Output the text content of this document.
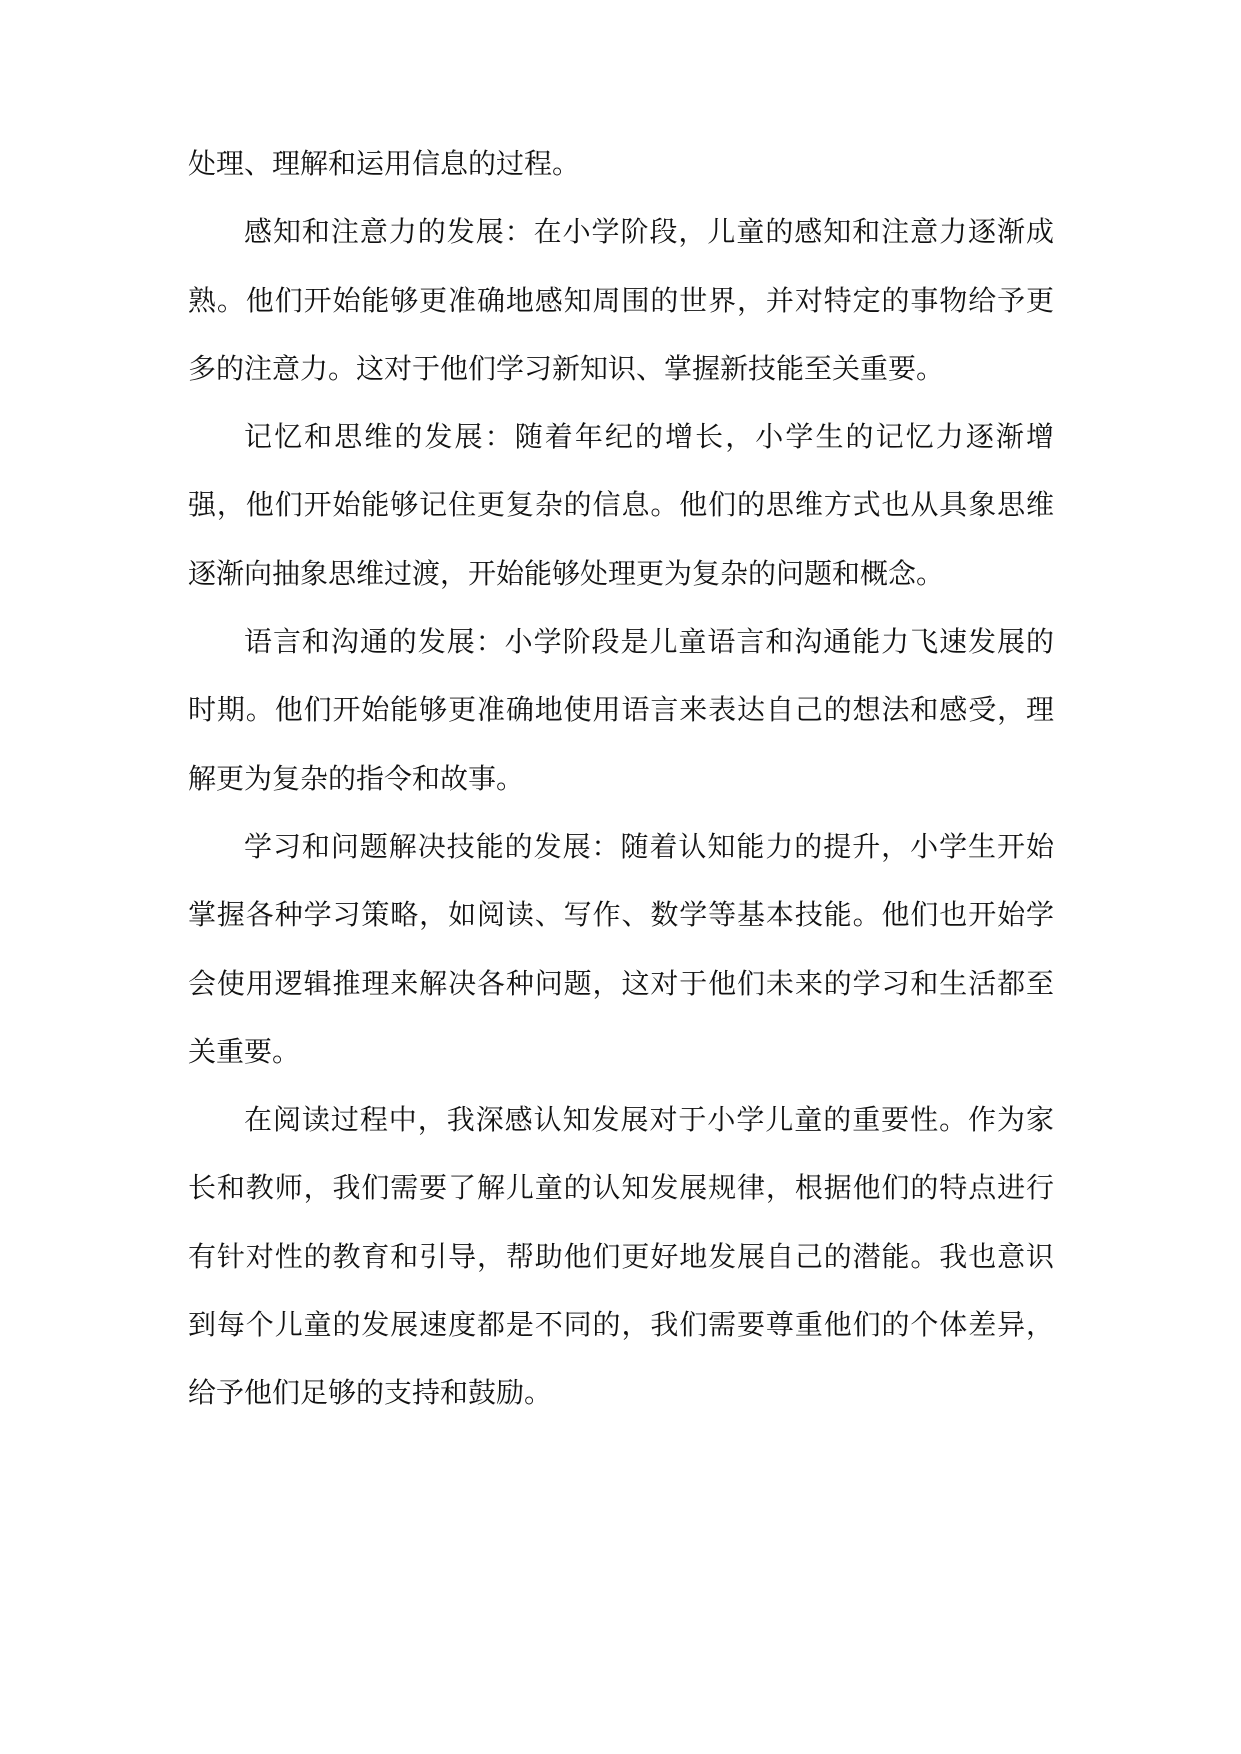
处理、理解和运用信息的过程。

感知和注意力的发展：在小学阶段，儿童的感知和注意力逐渐成熟。他们开始能够更准确地感知周围的世界，并对特定的事物给予更多的注意力。这对于他们学习新知识、掌握新技能至关重要。

记忆和思维的发展：随着年纪的增长，小学生的记忆力逐渐增强，他们开始能够记住更复杂的信息。他们的思维方式也从具象思维逐渐向抽象思维过渡，开始能够处理更为复杂的问题和概念。

语言和沟通的发展：小学阶段是儿童语言和沟通能力飞速发展的时期。他们开始能够更准确地使用语言来表达自己的想法和感受，理解更为复杂的指令和故事。

学习和问题解决技能的发展：随着认知能力的提升，小学生开始掌握各种学习策略，如阅读、写作、数学等基本技能。他们也开始学会使用逻辑推理来解决各种问题，这对于他们未来的学习和生活都至关重要。

在阅读过程中，我深感认知发展对于小学儿童的重要性。作为家长和教师，我们需要了解儿童的认知发展规律，根据他们的特点进行有针对性的教育和引导，帮助他们更好地发展自己的潜能。我也意识到每个儿童的发展速度都是不同的，我们需要尊重他们的个体差异，给予他们足够的支持和鼓励。
